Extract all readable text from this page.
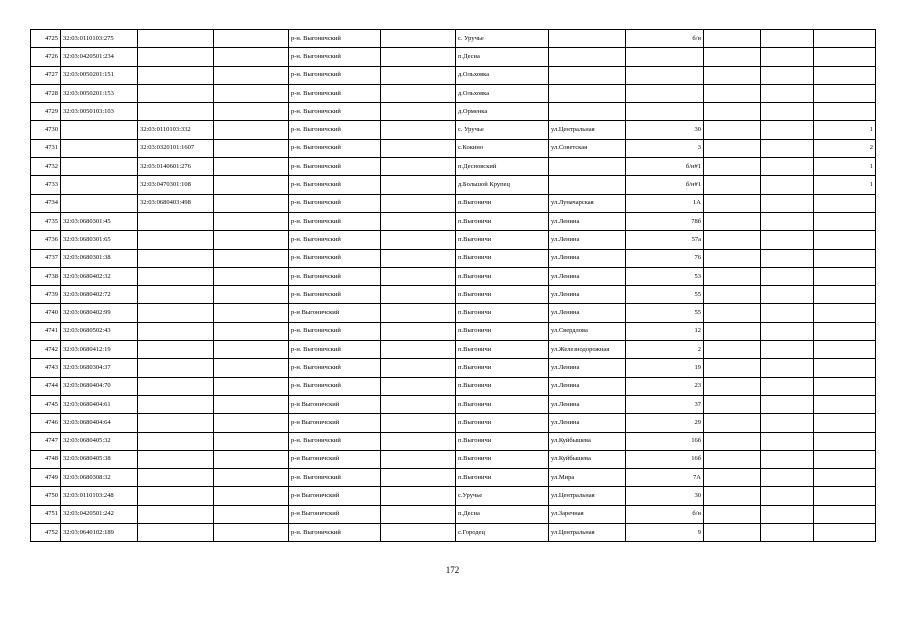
4725	32:03:0110103:275			р-н. Выгоничский		с. Уручье		б/н			
4726	32:03:0420501:234			р-н. Выгоничский		п.Десна					
4727	32:03:0050201:151			р-н. Выгоничский		д.Ольховка					
4728	32:03:0050201:153			р-н. Выгоничский		д.Ольховка					
4729	32:03:0050103:103			р-н. Выгоничский		д.Орменка					
4730		32:03:0110103:332		р-н. Выгоничский		с. Уручье	ул.Центральная	30			1
4731		32:03:0320101:1607		р-н. Выгоничский		с.Кокино	ул.Советская	3			2
4732		32:03:0140601:276		р-н. Выгоничский		п.Десновский		б/н#1			1
4733		32:03:0470301:108		р-н. Выгоничский		д.Большой Крупец		б/н#1			1
4734		32:03:0680403:498		р-н. Выгоничский		п.Выгоничи	ул.Луначарская	1А			
4735	32:03:0680301:45			р-н. Выгоничский		п.Выгоничи	ул.Ленина	78б			
4736	32:03:0680301:65			р-н. Выгоничский		п.Выгоничи	ул.Ленина	57а			
4737	32:03:0680301:38			р-н. Выгоничский		п.Выгоничи	ул.Ленина	76			
4738	32:03:0680402:32			р-н. Выгоничский		п.Выгоничи	ул.Ленина	53			
4739	32:03:0680402:72			р-н. Выгоничский		п.Выгоничи	ул.Ленина	55			
4740	32:03:0680402:99			р-н Выгоничский		п.Выгоничи	ул.Ленина	55			
4741	32:03:0680502:43			р-н. Выгоничский		п.Выгоничи	ул.Свердлова	12			
4742	32:03:0680412:19			р-н. Выгоничский		п.Выгоничи	ул.Железнодорожная	2			
4743	32:03:0680304:37			р-н. Выгоничский		п.Выгоничи	ул.Ленина	19			
4744	32:03:0680404:70			р-н. Выгоничский		п.Выгоничи	ул.Ленина	23			
4745	32:03:0680404:61			р-н Выгоничский		п.Выгоничи	ул.Ленина	37			
4746	32:03:0680404:64			р-н Выгоничский		п.Выгоничи	ул.Ленина	29			
4747	32:03:0680405:32			р-н. Выгоничский		п.Выгоничи	ул.Куйбышева	16б			
4748	32:03:0680405:38			р-н Выгоничский		п.Выгоничи	ул.Куйбышева	16б			
4749	32:03:0680308:32			р-н. Выгоничский		п.Выгоничи	ул.Мира	7А			
4750	32:03:0110103:248			р-н Выгоничский		с.Уручье	ул.Центральная	30			
4751	32:03:0420501:242			р-н Выгоничский		п.Десна	ул.Заречная	б/н			
4752	32:03:0640102:189			р-н. Выгоничский		с.Городец	ул.Центральная	9			
172
